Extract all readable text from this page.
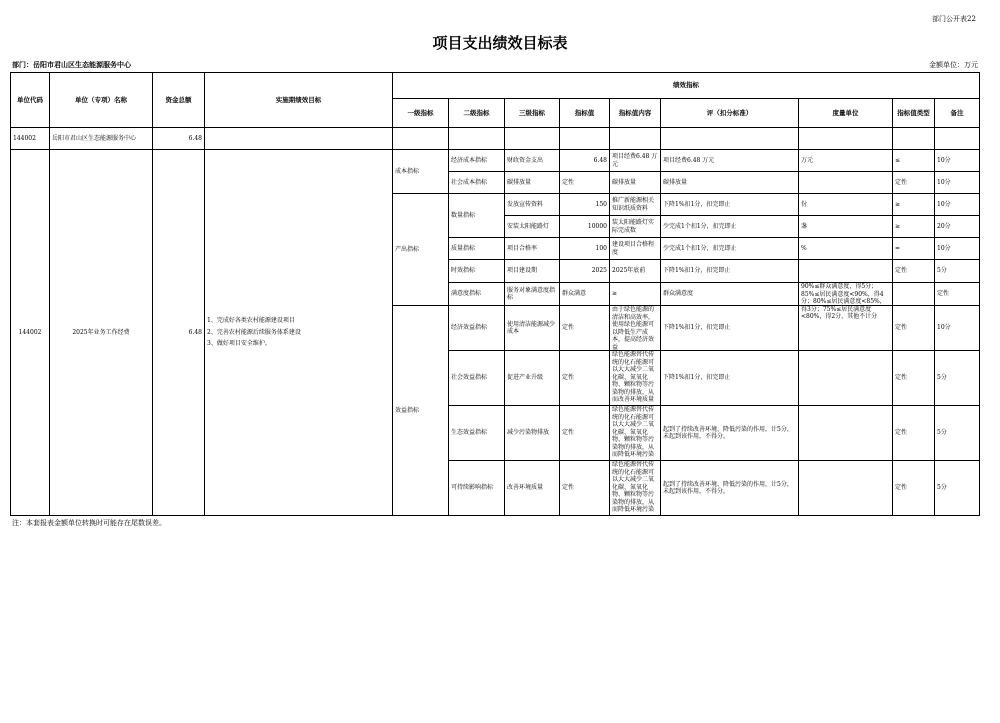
部门公开表22
项目支出绩效目标表
部门：岳阳市君山区生态能源服务中心	金额单位：万元
单位代码	单位（专项）名称	资金总额	实施期绩效目标	绩效指标									
				一级指标	二级指标	三级指标	指标值	指标值内容	评（扣分标准）	度量单位	指标值类型	备注	
144002	岳阳市君山区生态能源服务中心	6.48											
144002	2025年业务工作经费	6.48	1、完成好各类农村能源建设项目
2、完善农村能源后续服务体系建设
3、做好项目安全维护。	成本指标	经济成本指标	财政资金支出	6.48	项目经费6.48 万元	项目经费6.48 万元	万元	≤	10分	
					社会成本指标	碳排放量	定性	碳排放量	碳排放量		定性	10分	
				产出指标	数量指标	发放宣传资料	150	推广新能源相关知识纸质资料	下降1%扣1分，扣完即止	份	≥	10分	
						安装太阳能路灯	10000	装太阳能路灯实际完成数	少完成1个扣1分，扣完即止	盏	≥	20分	
					质量指标	项目合格率	100	建设项目合格程度	少完成1个扣1分，扣完即止	%	=	10分	
					时效指标	项目建设期	2025	2025年底前	下降1%扣1分，扣完即止		定性	5分	
					满意度指标	服务对象满意度指标	群众满意	≥	群众满意度	90%≤群众满意度，得5分；85%≤居民满意度<90%，得4分；80%≤居民满意度<85%，得3分；75%≤居民满意度<80%，得2分，其他不计分		定性	
				效益指标	经济效益指标	使用清洁能源减少成本	定性	由于绿色能源的清洁和高效率，使用绿色能源可以降低生产成本，提高经济效益	下降1%扣1分，扣完即止		定性	10分	
					社会效益指标	促进产业升级	定性	绿色能源替代传统的化石能源可以大大减少二氧化碳、氮氧化物、颗粒物等污染物的排放，从而改善环境质量	下降1%扣1分，扣完即止		定性	5分	
					生态效益指标	减少污染物排放	定性	绿色能源替代传统的化石能源可以大大减少二氧化碳、氮氧化物、颗粒物等污染物的排放，从而降低环境污染	起到了持续改善环境、降低污染的作用，计5分，未起到该作用，不得分。		定性	5分	
					可持续影响指标	改善环境质量	定性	绿色能源替代传统的化石能源可以大大减少二氧化碳、氮氧化物、颗粒物等污染物的排放，从而降低环境污染	起到了持续改善环境、降低污染的作用，计5分，未起到该作用，不得分。		定性	5分	
注：本套报表金额单位转换时可能存在尾数误差。
